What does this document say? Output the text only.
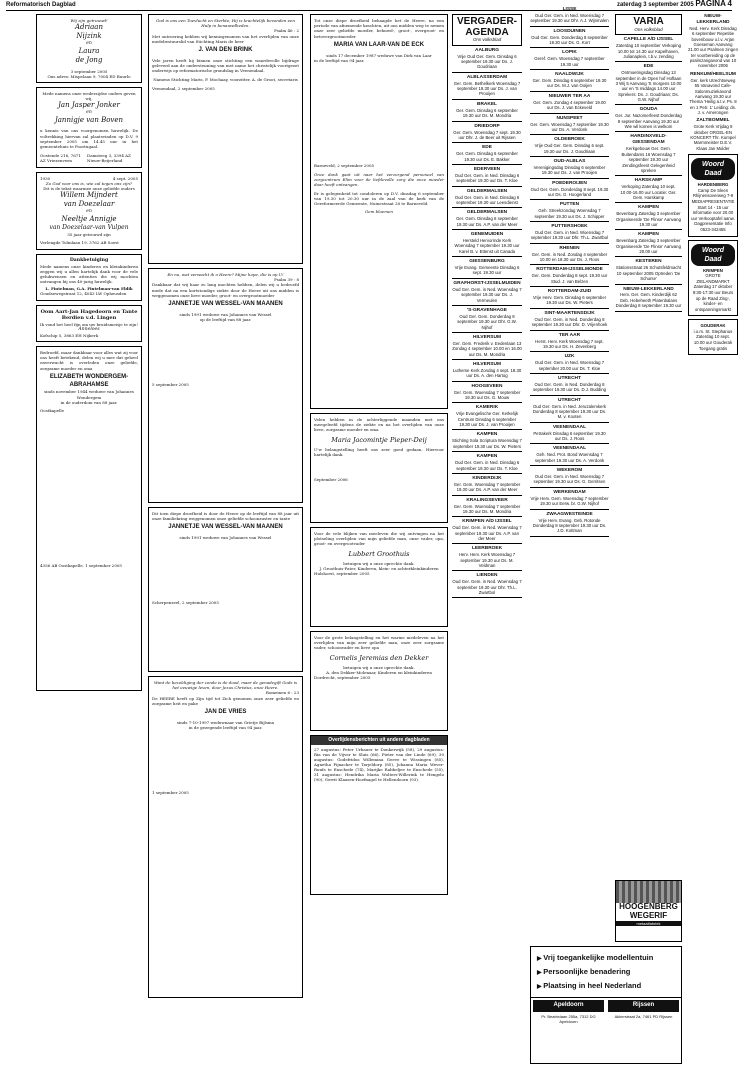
Reformatorisch Dagblad	zaterdag 3 september 2005 PAGINA 4
Wij zijn getrouwd!
Adriaan
Nijzink
en
Laura
de Jong
3 september 2005
Ons adres: Mispelaan 9, 7004 ED Ruurlo
Mede namens onze wederzijdse ouders geven wij,
Jan Jasper Jonker
en
Jannigje van Boven
u kennis van ons voorgenomen huwelijk. De voltrekking hiervan zal plaatsvinden op D.V. 9 september 2005 om 14.45 uur in het gemeentehuis te Poortugaal.
Oostende 216, 7671 AZ Vriezenveen
Damsteeg 3, 3394 AZ Nieuw-Beijerland
1930	4 sept. 2005
Zo God voor ons is, wie zal tegen ons zijn?
Dit is de tekst waarmee onze geliefde ouders
Willem Mijndert
van Doezelaar
en
Neeltje Annigje
van Doezelaar-van Vulpen
35 jaar getrouwd zijn
Verlengde Tolmlaan 19, 3762 AB Soest
Dankbetuiging
Mede namens onze kinderen en kleinkinderen zeggen wij u allen hartelijk dank voor de vele gelukwensen en attenties die wij mochten ontvangen bij ons 40-jarig huwelijk.
L. Fintelman, G.A. Fintelman-van Eldik
Goudsewegstraat 12, 4043 LW Opheusden
Oom Aart-Jan Hagedoorn en Tante Berdien v.d. Lingen
Ik vond het heel fijn om uw bruidsmeisje te zijn!
Anneloes
Kofschip 5, 3863 EH Nijkerk
Bedroefd, maar dankbaar voor alles wat zij voor ons heeft betekend, delen wij u mee dat geheel onverwacht is overleden onze geliefde, zorgzame moeder en oma
ELIZABETH WONDERGEM-ABRAHAMSE
sinds november 1944 weduwe van Johannes Wondergem
in de ouderdom van 88 jaar.
Oostkapelle
4356 AB Oostkapelle, 1 september 2005
God is ons een Toevlucht en Sterkte; Hij is krachtelijk bevonden een Hulp in benauwdheden.
Psalm 46 : 2
Met ontroering hebben wij kennisgenomen van het overlijden van onze medebestuurslid van Stichting Maris de heer
J. VAN DEN BRINK
Vele jaren heeft hij binnen onze stichting een waardevolle bijdrage geleverd aan de ondersteuning van met name het christelijk voortgezet onderwijs op reformatorische grondslag in Veenendaal.
Namens Stichting Maris, P. Mochaay, voorzitter, A. de Groot, secretaris
Veenendaal, 2 september 2005
En nu, wat verwacht ik o Heere? Mijne hope, die is op U!
Psalm 39 : 8
Dankbaar dat wij haar zo lang mochten hebben, delen wij u bedroefd mede dat na een kortstondige ziekte door de Heere uit ons midden is weggenomen onze lieve moeder, groot- en overgrootmoeder
JANNETJE VAN WESSEL-VAN MAANEN
sinds 1991 weduwe van Johannes van Wessel
op de leeftijd van 88 jaar.
5 september 2005
Dit toen diepe droefheid is door de Heere op de leeftijd van 88 jaar uit onze familiekring weggenomen onze geliefde schoonzuster en tante
JANNETJE VAN WESSEL-VAN MAANEN
sinds 1991 weduwe van Johannes van Wessel
Scherpenzeel, 2 september 2005
Want de bezoldiging der zonde is de dood, maar de genadegift Gods is het eeuwige leven, door Jezus Christus, onze Heere.
Romeinen 6 : 23
De HEERE heeft op Zijn tijd tot Zich genomen onze zeer geliefde en zorgzame heit en pake
JAN DE VRIES
sinds 7-10-1997 weduwnaar van Grietje Bijlsma
in de gezegende leeftijd van 94 jaar.
1 september 2005
Tot onze diepe droefheid behaagde het de Heere, na een periode van afnemende krachten, uit ons midden weg te nemen onze zeer geliefde moeder, behuwd-, groot-, overgroot- en betovergrootmoeder
MARIA VAN LAAR-VAN DE ECK
sinds 17 december 1987 weduwe van Dirk van Laar
in de leeftijd van 94 jaar.
Barneveld, 2 september 2005
Onze dank gaat uit naar het verzorgend personeel van zorgcentrum Elim voor de liefdevolle zorg die onze moeder daar heeft ontvangen.
Er is gelegenheid tot condoleren op D.V. dinsdag 6 september van 19.30 tot 20.30 uur in de zaal van de kerk van de Gereformeerde Gemeente, Nuinestraat 28 te Barneveld.
Gem bloemen
Velen hebben in de achterliggende maanden met ons meegeleefd tijdens de ziekte en na het overlijden van onze lieve, zorgzame moeder en oma
Maria Jacomintje Pieper-Deij
U'w belangstelling heeft ons zeer goed gedaan. Hiervoor hartelijk dank.
September 2006
Voor de vele blijken van meeleven die wij ontvingen na het plotseling overlijden van mijn geliefde man, onze vader, opa, groot- en overgrootvader
Lubbert Groothuis
betuigen wij u onze oprechte dank.
J. Groothuis-Pater, Kinderen, klein- en achterkleinkinderen
Hulshorst, september 2005
Voor de grote belangstelling en het warme medeleven na het overlijden van mijn zeer geliefde man, onze zeer zorgzame vader, schoonvader en lieve opa
Cornelis Jeremias den Dekker
betuigen wij u onze oprechte dank.
A. den Dekker-Molenaar, Kinderen en kleinkinderen
Dordrecht, september 2005
Overlijdensberichten uit andere dagbladen

27 augustus: Peter Urbauer te Donkerwijk (58), 29 augustus: Ria van de Vijver te Sluis (66), Pieter van der Linde (69), 30 augustus: Godefridus Willemina Geeve te Wissingen (85), Agnetha Pijnacker te Tarjeldorp (85), Johanna Maria Wever-Ruufs te Enschede (74), Marijke Rabbeljee te Enschede (55), 31 augustus: Hendrika Maria Wolters-Willerink te Hengelo (90), Gerrit Klaasen-Hoefnagel te Hellendoorn (93).

VERGADER-AGENDA
Ons volksblad
AALBURG
Vrije Oud Ger. Gem. Dinsdag 6 september 19.30 uur Ds. J. Goudriaan
ALBLASSERDAM
Ger. Gem. Bethelkerk Woensdag 7 september 19.30 uur Ds. J. van Prooijen
BRAKEL
Ger. Gem. Dinsdag 6 september 19.30 uur Ds. M. Mondria
DRIEDORP
Ger. Gem. Woensdag 7 sept. 19.30 uur Dhr. J. de Beer uit Rijssen
EDE
Ger. Gem. Dinsdag 6 september 19.30 uur Ds. E. Bakker
EDERVEEN
Oud Ger. Gem. in Ned. Dinsdag 6 september 19.30 uur Ds. T. Kloe
GELDERMALSEN
Oud Ger. Gem. in Ned. Dinsdag 6 september 19.30 uur Leesdienst
GELDERMALSEN
Ger. Gem. Dinsdag 6 september 19.30 uur Ds. A.P. van der Meer
GENEMUIDEN
Hersteld Hervormde Kerk Woensdag 7 september 19.30 uur Karel B. v. Ettenst uit Canada
GIESSENBURG
Vrije Evang. Gemeente Dinsdag 6 sept. 19.30 uur
GRAFHORST-IJSSELMUIDEN
Oud Ger. Gem. in Ned. Woensdag 7 september 19.30 uur Ds. J. Vermeulen
'S-GRAVENHAGE
Oud Ger. Gem. Donderdag 8 september 19.30 uur Dhr. G.W. Nijhof
HILVERSUM
Ger. Gem. Frederik v. Eedenlaan 13 Zondag 4 september 10.00 en 16.00 uur Ds. M. Mondria
HILVERSUM
Lutherse Kerk Zondag 4 sept. 18.30 uur Ds. A. den Hartog
HOOGEVEEN
Ger. Gem. Woensdag 7 september 19.30 uur Ds. G. Mouw
KAMERIK
Vrije Evangelische Ger. Kerkelijk Centrum Dinsdag 6 september 19.30 uur Ds. J. van Prooijen
KAMPEN
Stichting Sola Scriptura Woensdag 7 september 19.30 uur Ds. W. Pieters
KAMPEN
Oud Ger. Gem. in Ned. Dinsdag 6 september 19.30 uur Ds. T. Kloe
KINDERDIJK
Ger. Gem. Woensdag 7 september 19.30 uur Ds. A.P. van der Meer
KRALINGSEVEER
Ger. Gem. Woensdag 7 september 19.30 uur Ds. M. Mondria
KRIMPEN A/D IJSSEL
Oud Ger. Gem. in Ned. Woensdag 7 september 19.30 uur Ds. A.P. van der Meer
LEERBROEK
Herv. Herv. Kerk Woensdag 7 september 19.30 uur Ds. M. Veldman
LIENDEN
Oud Ger. Gem. in Ned. Woensdag 7 september 19.30 uur Dhr. Th.L. Zwartbol
LISSE
Oud Ger. Gem. in Ned. Woensdag 7 september 19.30 uur Dhr. A.J. Wijnmalen
LOOSDUINEN
Oud Ger. Gem. Donderdag 8 september 19.30 uur Ds. G. Kort
LOPIK
Geref. Gem. Woensdag 7 september 19.30 uur
NAALDWIJK
Ger. Gem. Dinsdag 6 september 19.30 uur Ds. M.J. van Ooijen
NIEUWER TER AA
Ger. Gem. Zondag 4 september 19.00 uur Ds. J. van Eckeveld
NUNSPEET
Ger. Gem. Woensdag 7 september 19.30 uur Ds. A. Verdonk
OLDEBROEK
Vrije Oud Ger. Gem. Dinsdag 6 sept. 19.30 uur Ds. J. Goudriaan
OUD-ALBLAS
Verenigingsdag Dinsdag 6 september 19.30 uur Ds. J. van Prooijen
POEDEROIJEN
Oud Ger. Gem. Donderdag 8 sept. 19.30 uur Ds. G. Hoogerland
PUTTEN
Geh. Streekzondag Woensdag 7 september 19.30 uur Ds. J. Schipper
PUTTERSHOEK
Oud Ger. Gem. in Ned. Woensdag 7 september 19.30 uur Dhr. Th.L. Zwartbol
RHENEN
Ger. Gem. in Ned. Zondag 4 september 10.00 en 18.30 uur Ds. J. Roos
ROTTERDAM-IJSSELMONDE
Ger. Gem. Donderdag 8 sept. 19.30 uur Stud. J. van Belzen
ROTTERDAM-ZUID
Vrije Herv. Gem. Dinsdag 6 september 19.30 uur Ds. W. Pieters
SINT-MAARTENSDIJK
Oud Ger. Gem. in Ned. Donderdag 8 september 19.30 uur Dhr. D. Vrijenhoek
TER AAR
Herst. Herv. Kerk Woensdag 7 sept. 19.30 uur Ds. H. Zevenberg
UZK
Oud Ger. Gem. in Ned. Woensdag 7 september 20.00 uur Ds. T. Kloe
UTRECHT
Oud Ger. Gem. in Ned. Donderdag 8 september 19.30 uur Ds. D.J. Budding
UTRECHT
Oud Ger. Gem. in Ned. Jeruzalemkerk Donderdag 8 september 19.30 uur Ds. M. v. Kooten
VEENENDAAL
Petrakerk Dinsdag 6 september 19.30 uur Ds. J. Roos
VEENENDAAL
Geh. Ned. Prot. Bond Woensdag 7 september 19.30 uur Ds. A. Verdonk
WEKEROM
Oud Ger. Gem. in Ned. Woensdag 7 september 19.30 uur Ds. G. Gerritsen
WERKENDAM
Vrije Herv. Gem. Woensdag 7 september 19.30 uur Eerw. br. G.W. Nijhof
ZWAAGWESTEINDE
Vrije Herv. Evang. Geb. Rotonde Donderdag 8 september 19.30 uur Ds. J.D. Kottman
VARIA
Ons volksblad
CAPELLE A/D IJSSEL
Zaterdag 10 september Verkoping 10.00 tot 14.30 uur Kapelhaven, Julianaplein, t.b.v. zending
EDE
Ontmoetingsdag Dinsdag 13 september in de Open hof Hoflaan 3 Wij 5 Aanvang 'S morgens 10.00 uur en 'S middags 14.00 uur Sprekers: Ds. J. Goudriaan; Ds. G.W. Nijhof
GOUDA
Ger. Jur. Nazomerfeest Donderdag 8 september Aanvang 19.30 uur Wie wil komen is welkom
HARDINXVELD-GIESSENDAM
Kerkgebouw Ger. Gem. Buitendams 16 Woensdag 7 september 19.30 uur Zendingsfeest Gelegenheid spreken
HARSKAMP
Verkoping Zaterdag 10 sept. 10.00-16.00 uur Locatie: Ger. Gem. Harskamp
KAMPEN
Bevenbarg Zaterdag 3 september Organiseerde 'De Flinse' Aanvang 19.30 uur
KAMPEN
Bevenbarg Zaterdag 3 september Organiseerde 'De Flinse' Aanvang 20.00 uur
KESTEREN
Stationsstraat 26 Schutsfeldmacht 10 september 2005 Optreden 'De Schurse'
NIEUW-LEKKERLAND
Herv. Ger. Gem. Kinderdijk 62 Geb. Hebeheeth Platenbalans Donderdag 8 september 19.30 uur
NIEUW-LEKKERLAND
Ned. Herv. Kerk Dinsdag 6 september Repetitie bovenbouw o.l.v. Arjan Goeseman Aanvang 21.00 uur Psalmen zingen ter voorbereiding op de psalmzangavond van 10 november 2006
RENKUM/HEELSUM
Ger. kerk Utrechtseweg 55 Vanavond Cafe-Salonmuziekavond Aanvang 19.30 uur Thema 'Heilig a.t.v. Ps. 8 en 1 Petr. 1' Leiding: ds. J. v. Amerongen
ZALTBOMMEL
Grote Kerk Vrijdag 9 oktober ORGEL-EN KONCERT Thr. Kumpel Marmmeister D.E.V. Klaas Jan Mulder
Woord Daad
HARDENBERG
Camp De Sleen Rhijnensoverweg 7-9 MEDIAPRESENTATIE Start 14 - 15 uur Informatie voor 20.00 uur Verkooptafel aanw. Dagpresentatie Info 0523-342455
Woord Daad
KRIMPEN
GROTE ZIELANDMARKT Zaterdag 17 oktober 9:30-17:30 uur Beurs op de Raad Zing-, kinder- en ontspanningsmarkt
GOUDERAK
i.o.m. St. Stephanus Zaterdag 10 sept. 10.00 uur Gouderak Toegang gratis
HOOGENBERG
WEGERIF
metaalfabriek
▶ Vrij toegankelijke modellentuin
▶ Persoonlijke benadering
▶ Plaatsing in heel Nederland
Apeldoorn
Pr. Beatrixlaan 255a, 7312 DG Apeldoorn
Rijssen
Akkerstraat 2a, 7461 PD Rijssen
